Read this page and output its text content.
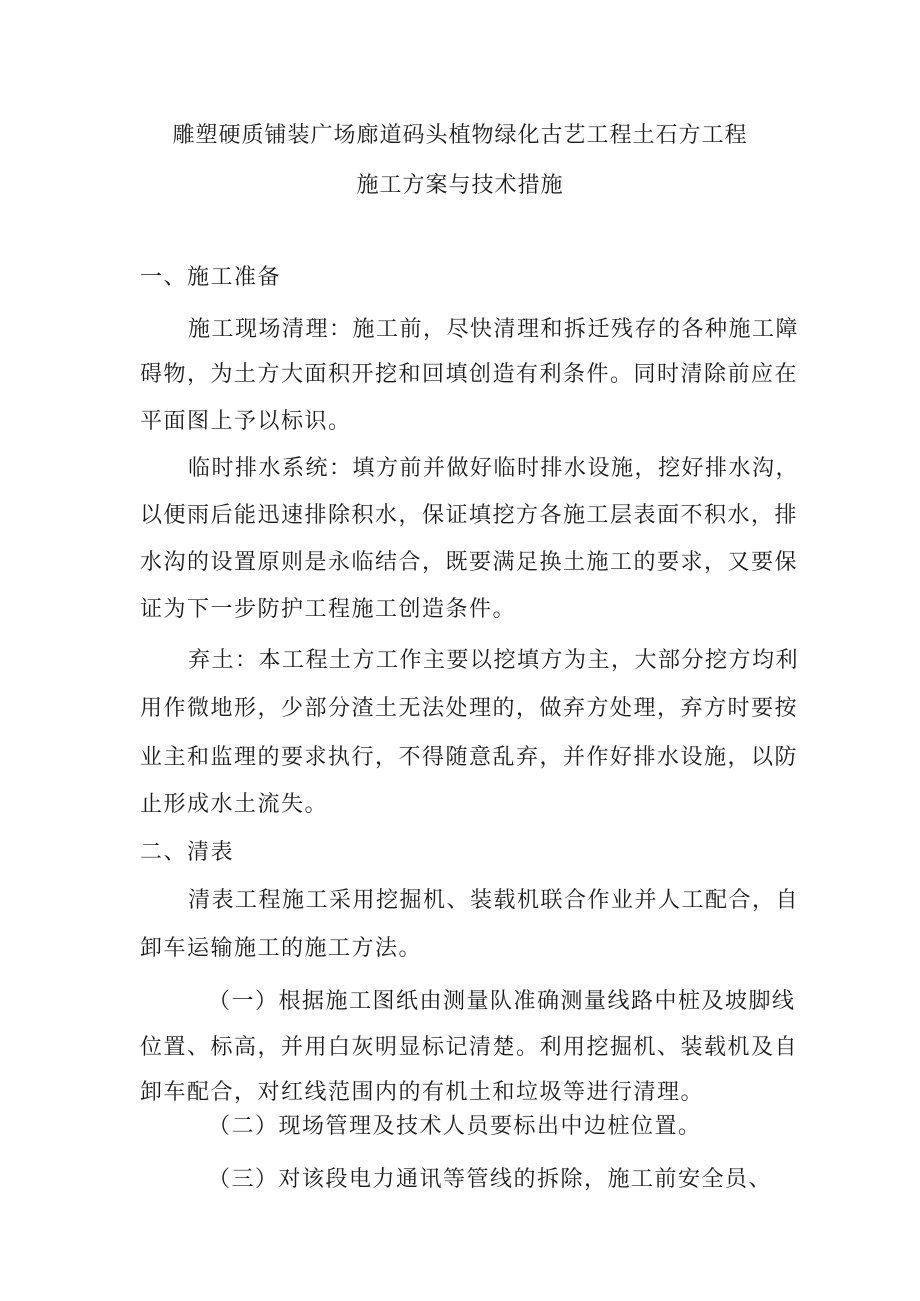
雕塑硬质铺装广场廊道码头植物绿化古艺工程土石方工程
施工方案与技术措施
一、施工准备
施工现场清理：施工前，尽快清理和拆迁残存的各种施工障
碍物，为土方大面积开挖和回填创造有利条件。同时清除前应在
平面图上予以标识。
临时排水系统：填方前并做好临时排水设施，挖好排水沟，
以便雨后能迅速排除积水，保证填挖方各施工层表面不积水，排
水沟的设置原则是永临结合，既要满足换土施工的要求，又要保
证为下一步防护工程施工创造条件。
弃土：本工程土方工作主要以挖填方为主，大部分挖方均利
用作微地形，少部分渣土无法处理的，做弃方处理，弃方时要按
业主和监理的要求执行，不得随意乱弃，并作好排水设施，以防
止形成水土流失。
二、清表
清表工程施工采用挖掘机、装载机联合作业并人工配合，自
卸车运输施工的施工方法。
（一）根据施工图纸由测量队准确测量线路中桩及坡脚线
位置、标高，并用白灰明显标记清楚。利用挖掘机、装载机及自
卸车配合，对红线范围内的有机土和垃圾等进行清理。
（二）现场管理及技术人员要标出中边桩位置。
（三）对该段电力通讯等管线的拆除，施工前安全员、
